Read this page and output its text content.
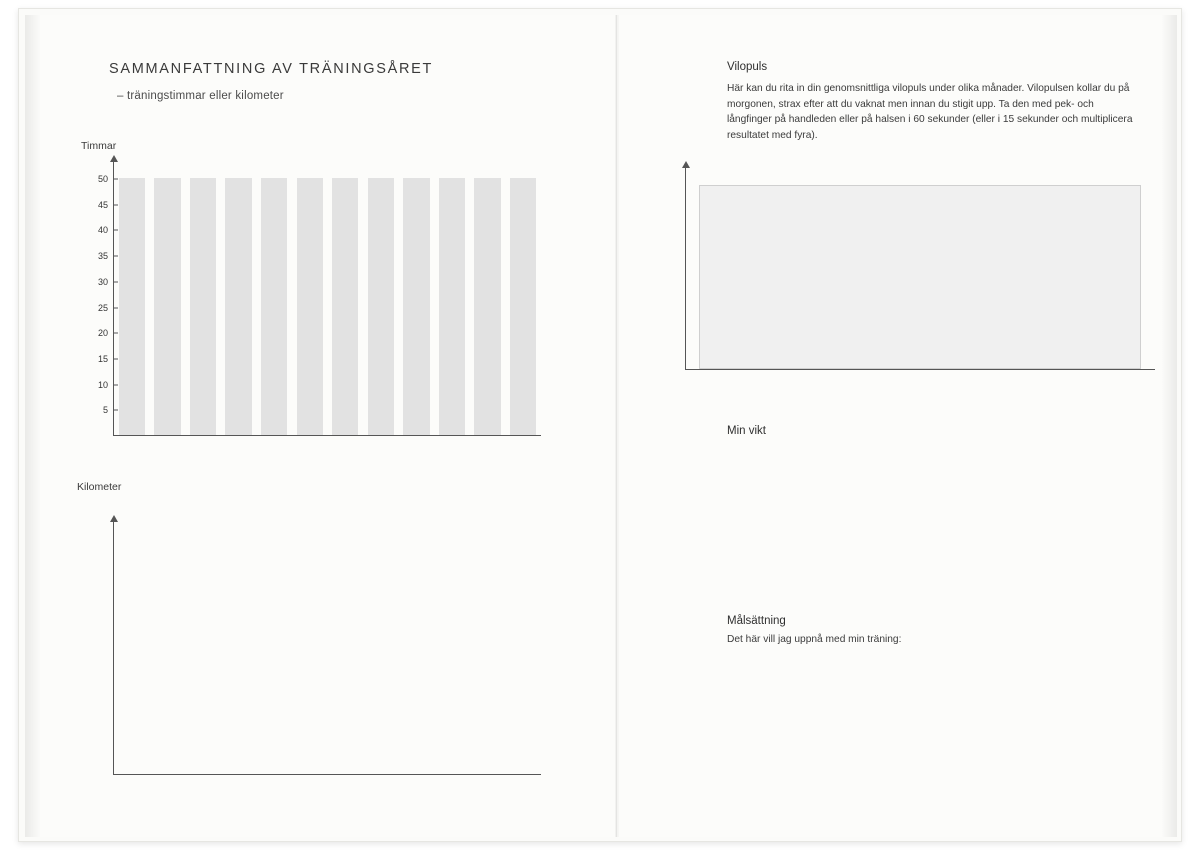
SAMMANFATTNING AV TRÄNINGSÅRET
– träningstimmar eller kilometer
Timmar
5
10
15
20
25
30
35
40
45
50
Kilometer
Vilopuls
Här kan du rita in din genomsnittliga vilopuls under olika månader. Vilopulsen kollar du på morgonen, strax efter att du vaknat men innan du stigit upp. Ta den med pek- och långfinger på handleden eller på halsen i 60 sekunder (eller i 15 sekunder och multiplicera resultatet med fyra).
Min vikt
Målsättning
Det här vill jag uppnå med min träning:
